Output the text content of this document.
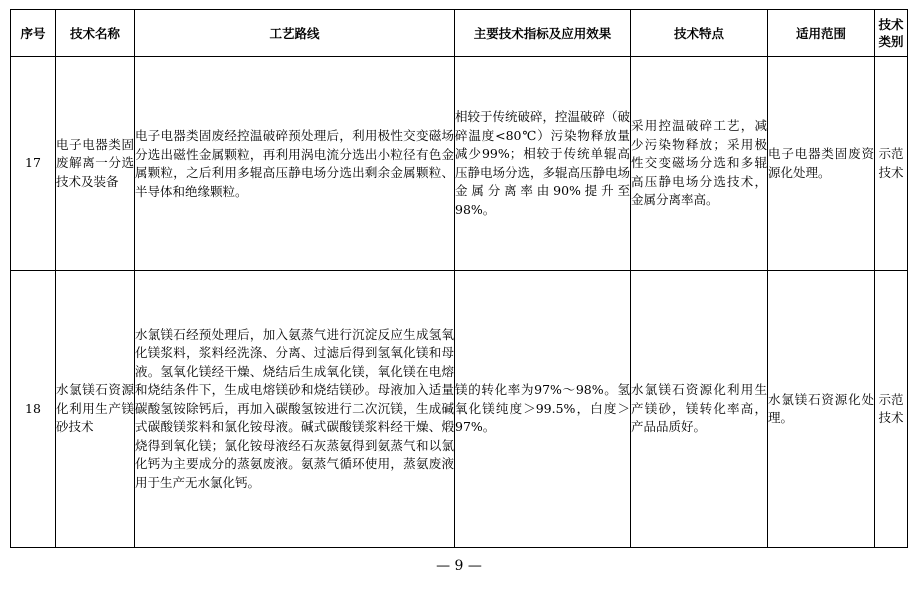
序号	技术名称	工艺路线	主要技术指标及应用效果	技术特点	适用范围	技术类别
17	电子电器类固废解离一分选技术及装备	电子电器类固废经控温破碎预处理后，利用极性交变磁场分选出磁性金属颗粒，再利用涡电流分选出小粒径有色金属颗粒，之后利用多辊高压静电场分选出剩余金属颗粒、半导体和绝缘颗粒。	相较于传统破碎，控温破碎（破碎温度<80℃）污染物释放量减少99%；相较于传统单辊高压静电场分选，多辊高压静电场金属分离率由90%提升至98%。	采用控温破碎工艺，减少污染物释放；采用极性交变磁场分选和多辊高压静电场分选技术，金属分离率高。	电子电器类固废资源化处理。	示范技术
18	水氯镁石资源化利用生产镁砂技术	水氯镁石经预处理后，加入氨蒸气进行沉淀反应生成氢氧化镁浆料，浆料经洗涤、分离、过滤后得到氢氧化镁和母液。氢氧化镁经干燥、烧结后生成氧化镁，氧化镁在电熔和烧结条件下，生成电熔镁砂和烧结镁砂。母液加入适量碳酸氢铵除钙后，再加入碳酸氢铵进行二次沉镁，生成碱式碳酸镁浆料和氯化铵母液。碱式碳酸镁浆料经干燥、煅烧得到氧化镁；氯化铵母液经石灰蒸氨得到氨蒸气和以氯化钙为主要成分的蒸氨废液。氨蒸气循环使用，蒸氨废液用于生产无水氯化钙。	镁的转化率为97%～98%。氢氧化镁纯度＞99.5%，白度＞97%。	水氯镁石资源化利用生产镁砂，镁转化率高，产品品质好。	水氯镁石资源化处理。	示范技术
— 9 —
